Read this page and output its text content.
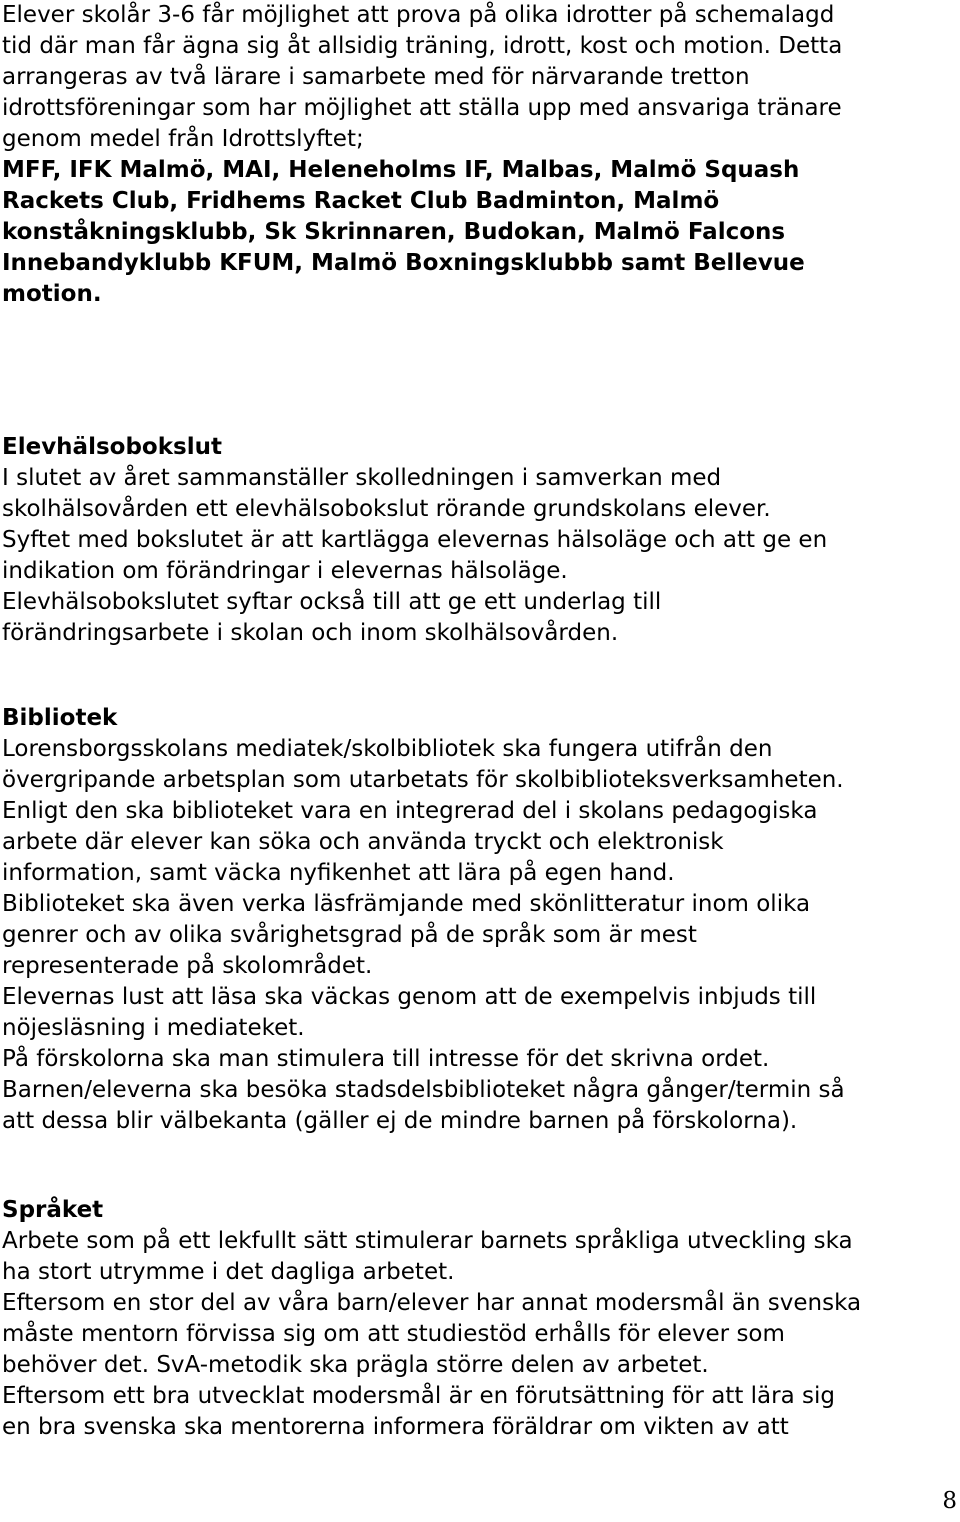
Elever skolår 3-6 får möjlighet att prova på olika idrotter på schemalagd
tid där man får ägna sig åt allsidig träning, idrott, kost och motion. Detta
arrangeras av två lärare i samarbete med för närvarande tretton
idrottsföreningar som har möjlighet att ställa upp med ansvariga tränare
genom medel från Idrottslyftet;
MFF, IFK Malmö, MAI, Heleneholms IF, Malbas, Malmö Squash
Rackets Club, Fridhems Racket Club Badminton, Malmö
konståkningsklubb, Sk Skrinnaren, Budokan, Malmö Falcons
Innebandyklubb KFUM, Malmö Boxningsklubbb samt Bellevue
motion.
Elevhälsobokslut
I slutet av året sammanställer skolledningen i samverkan med
skolhälsovården ett elevhälsobokslut rörande grundskolans elever.
Syftet med bokslutet är att kartlägga elevernas hälsoläge och att ge en
indikation om förändringar i elevernas hälsoläge.
Elevhälsobokslutet syftar också till att ge ett underlag till
förändringsarbete i skolan och inom skolhälsovården.
Bibliotek
Lorensborgsskolans mediatek/skolbibliotek ska fungera utifrån den
övergripande arbetsplan som utarbetats för skolbiblioteksverksamheten.
Enligt den ska biblioteket vara en integrerad del i skolans pedagogiska
arbete där elever kan söka och använda tryckt och elektronisk
information, samt väcka nyfikenhet att lära på egen hand.
Biblioteket ska även verka läsfrämjande med skönlitteratur inom olika
genrer och av olika svårighetsgrad på de språk som är mest
representerade på skolområdet.
Elevernas lust att läsa ska väckas genom att de exempelvis inbjuds till
nöjesläsning i mediateket.
På förskolorna ska man stimulera till intresse för det skrivna ordet.
Barnen/eleverna ska besöka stadsdelsbiblioteket några gånger/termin så
att dessa blir välbekanta (gäller ej de mindre barnen på förskolorna).
Språket
Arbete som på ett lekfullt sätt stimulerar barnets språkliga utveckling ska
ha stort utrymme i det dagliga arbetet.
Eftersom en stor del av våra barn/elever har annat modersmål än svenska
måste mentorn förvissa sig om att studiestöd erhålls för elever som
behöver det. SvA-metodik ska prägla större delen av arbetet.
Eftersom ett bra utvecklat modersmål är en förutsättning för att lära sig
en bra svenska ska mentorerna informera föräldrar om vikten av att
8
